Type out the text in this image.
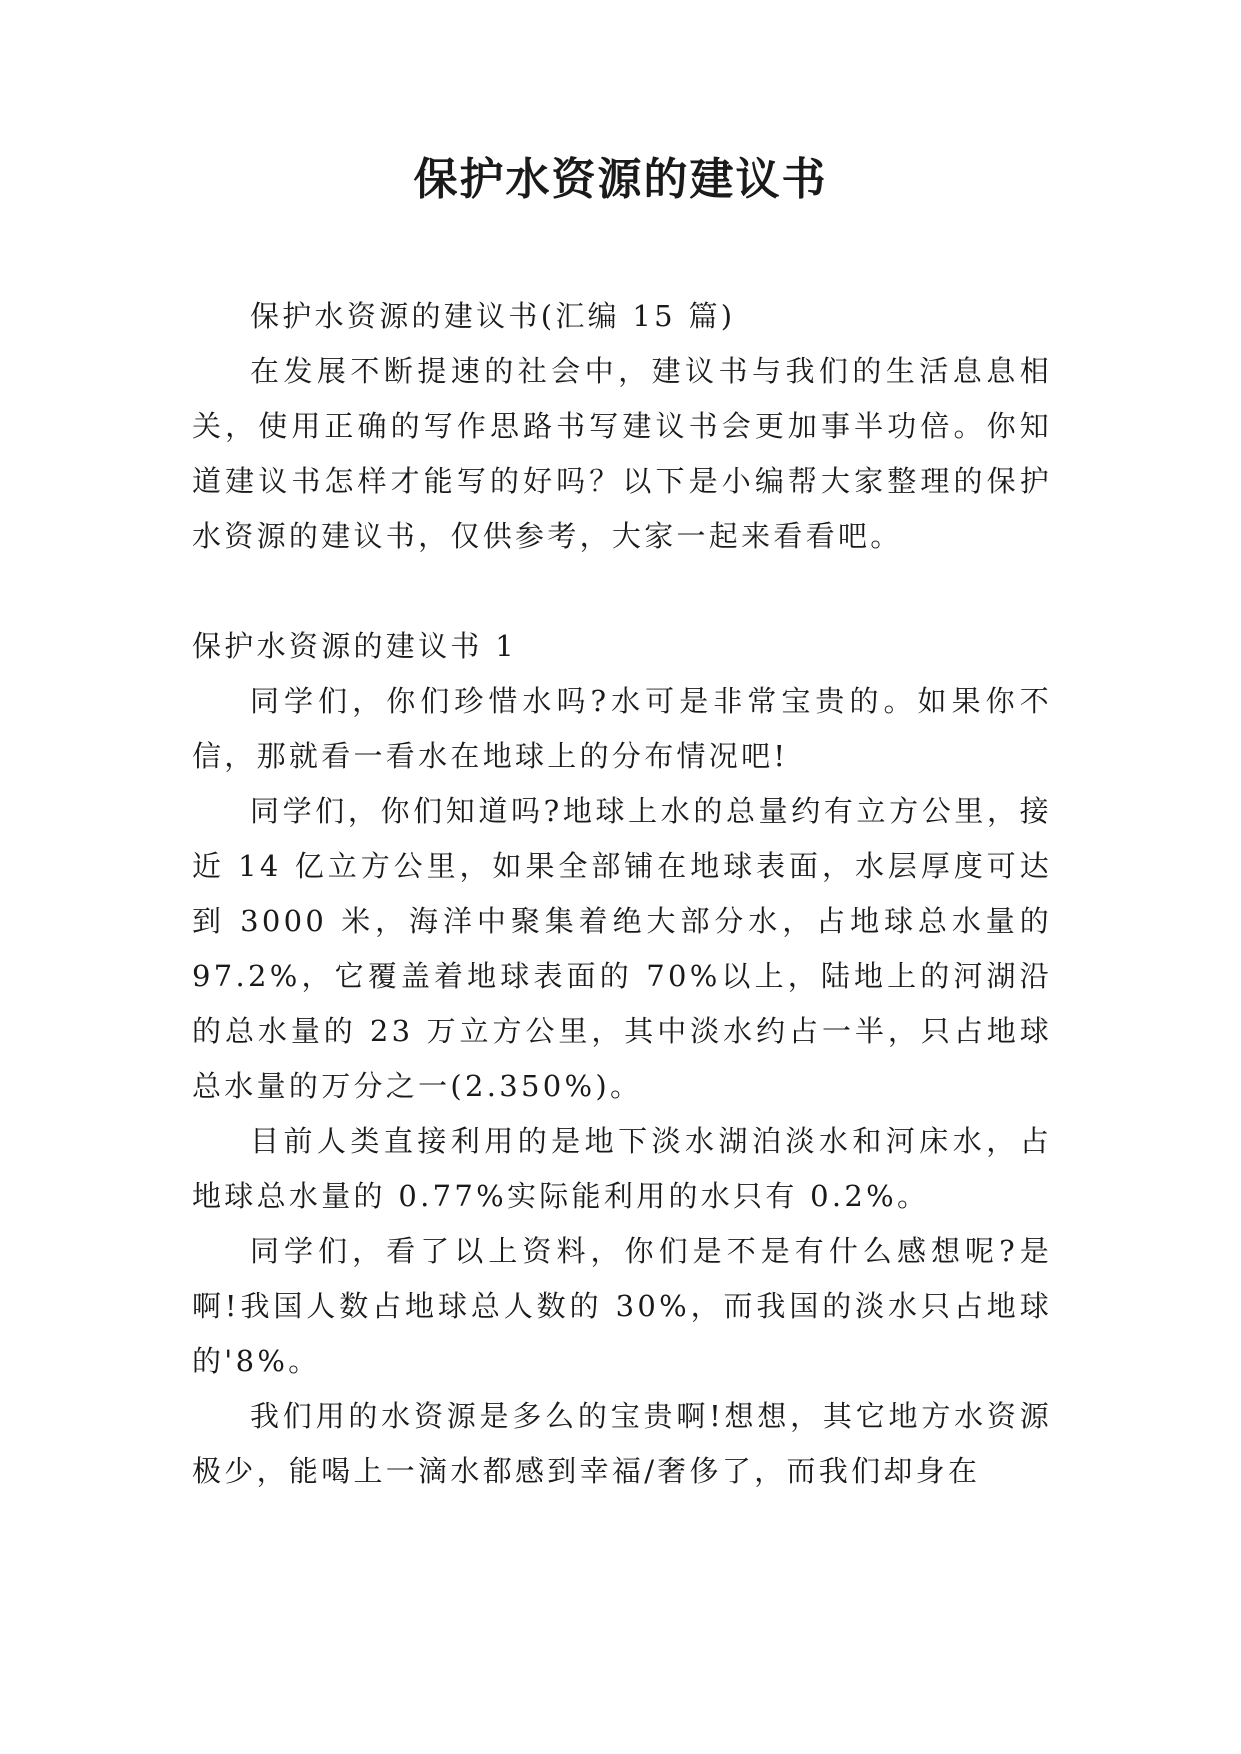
保护水资源的建议书

保护水资源的建议书(汇编 15 篇)

在发展不断提速的社会中，建议书与我们的生活息息相关，使用正确的写作思路书写建议书会更加事半功倍。你知道建议书怎样才能写的好吗？以下是小编帮大家整理的保护水资源的建议书，仅供参考，大家一起来看看吧。

保护水资源的建议书 1

同学们，你们珍惜水吗?水可是非常宝贵的。如果你不信，那就看一看水在地球上的分布情况吧!

同学们，你们知道吗?地球上水的总量约有立方公里，接近 14 亿立方公里，如果全部铺在地球表面，水层厚度可达到 3000 米，海洋中聚集着绝大部分水，占地球总水量的 97.2%，它覆盖着地球表面的 70%以上，陆地上的河湖沿的总水量的 23 万立方公里，其中淡水约占一半，只占地球总水量的万分之一(2.350%)。

目前人类直接利用的是地下淡水湖泊淡水和河床水，占地球总水量的 0.77%实际能利用的水只有 0.2%。

同学们，看了以上资料，你们是不是有什么感想呢?是啊!我国人数占地球总人数的 30%，而我国的淡水只占地球的'8%。

我们用的水资源是多么的宝贵啊!想想，其它地方水资源极少，能喝上一滴水都感到幸福/奢侈了，而我们却身在
